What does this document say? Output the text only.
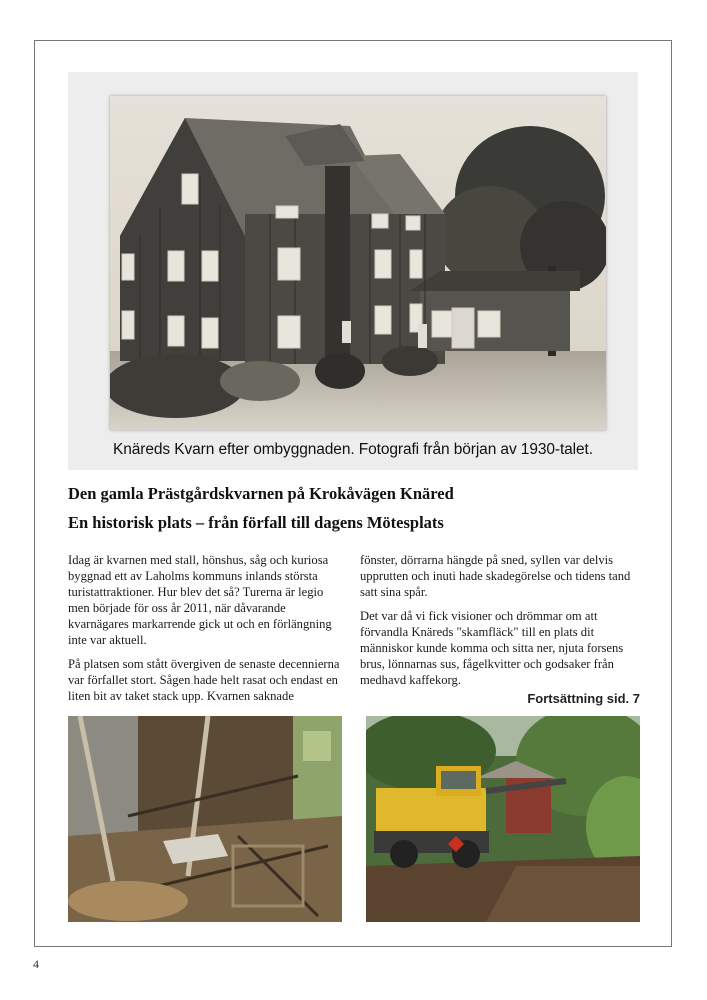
Knäreds Kvarn efter ombyggnaden. Fotografi från början av 1930-talet.
Den gamla Prästgårdskvarnen på Krokåvägen Knäred
En historisk plats – från förfall till dagens Mötesplats

Idag är kvarnen med stall, hönshus, såg och kuriosa byggnad ett av Laholms kommuns inlands största turistattraktioner. Hur blev det så? Turerna är legio men började för oss år 2011, när dåvarande kvarnägares markarrende gick ut och en förlängning inte var aktuell.

På platsen som stått övergiven de senaste decennierna var förfallet stort. Sågen hade helt rasat och endast en liten bit av taket stack upp. Kvarnen saknade

fönster, dörrarna hängde på sned, syllen var delvis upprutten och inuti hade skadegörelse och tidens tand satt sina spår.

Det var då vi fick visioner och drömmar om att förvandla Knäreds "skamfläck" till en plats dit människor kunde komma och sitta ner, njuta forsens brus, lönnarnas sus, fågelkvitter och godsaker från medhavd kaffekorg.

Fortsättning sid. 7
4
